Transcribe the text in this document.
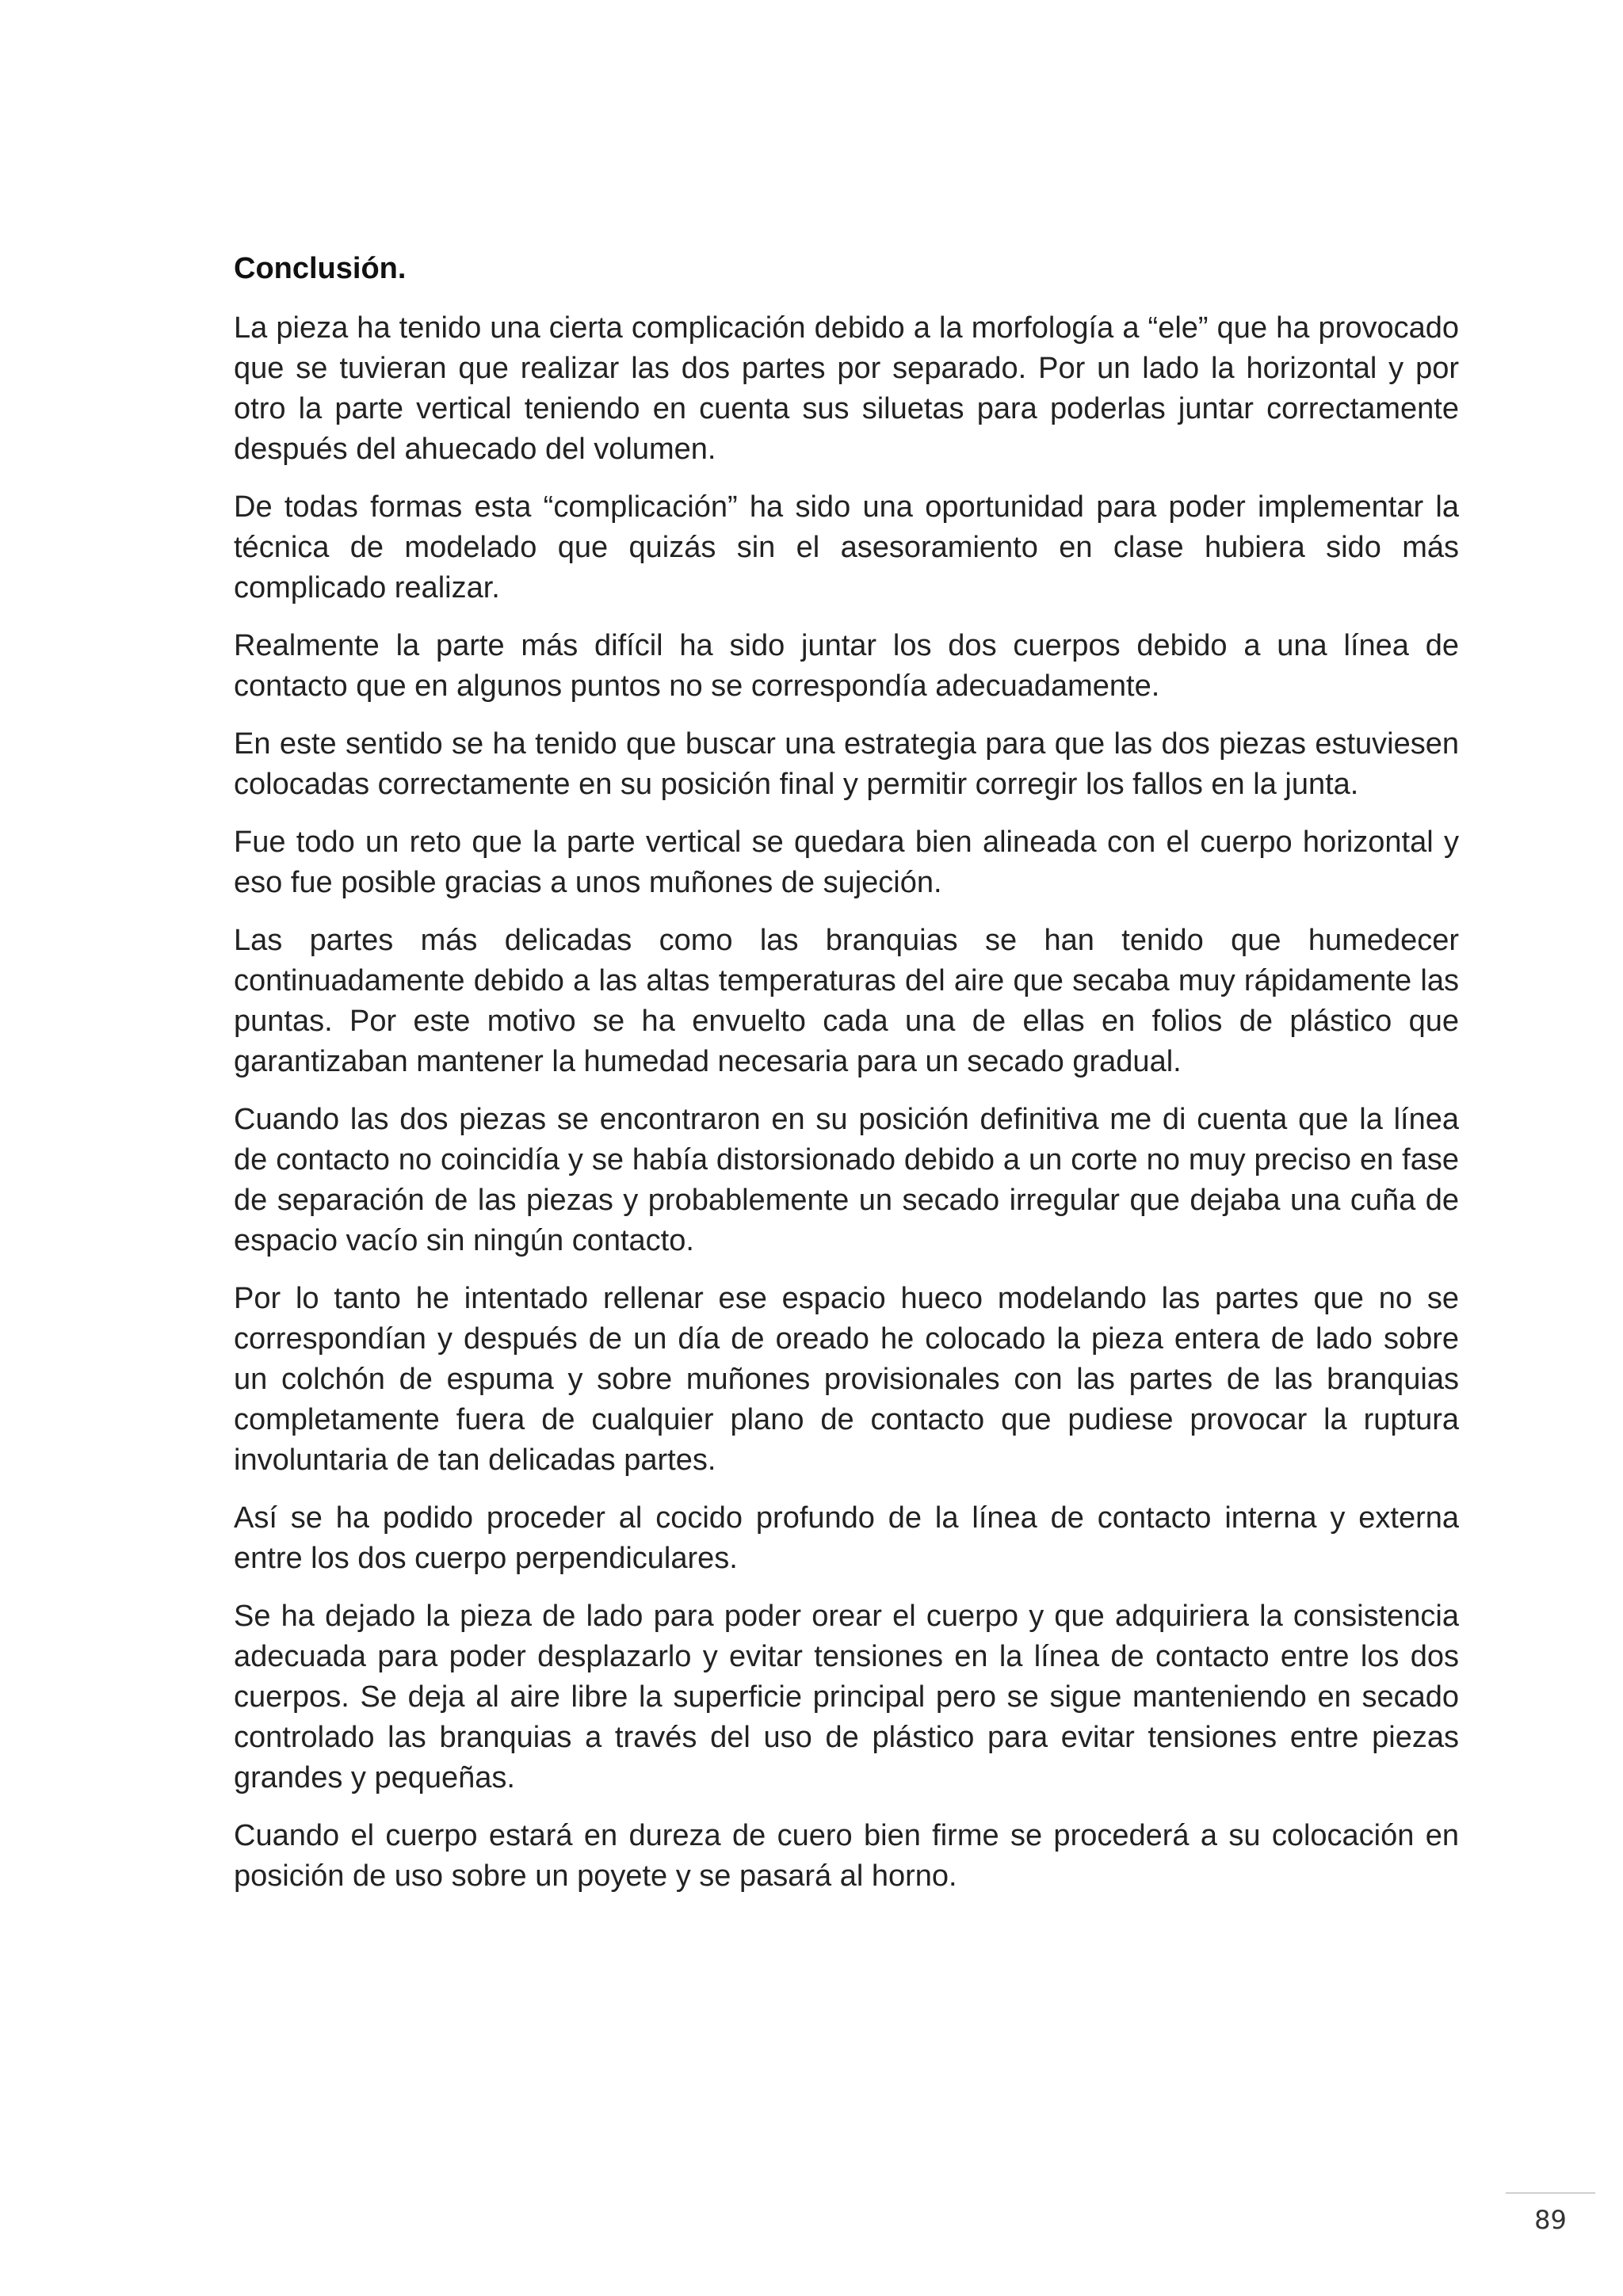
Conclusión.

La pieza ha tenido una cierta complicación debido a la morfología a “ele” que ha provocado que se tuvieran que realizar las dos partes por separado. Por un lado la horizontal y por otro la parte vertical teniendo en cuenta sus siluetas para poderlas juntar correctamente después del ahuecado del volumen.

De todas formas esta “complicación” ha sido una oportunidad para poder implementar la técnica de modelado que quizás sin el asesoramiento en clase hubiera sido más complicado realizar.

Realmente la parte más difícil ha sido juntar los dos cuerpos debido a una línea de contacto que en algunos puntos no se correspondía adecuadamente.

En este sentido se ha tenido que buscar una estrategia para que las dos piezas estuviesen colocadas correctamente en su posición final y permitir corregir los fallos en la junta.

Fue todo un reto que la parte vertical se quedara bien alineada con el cuerpo horizontal y eso fue posible gracias a unos muñones de sujeción.

Las partes más delicadas como las branquias se han tenido que humedecer continuadamente debido a las altas temperaturas del aire que secaba muy rápidamente las puntas. Por este motivo se ha envuelto cada una de ellas en folios de plástico que garantizaban mantener la humedad necesaria para un secado gradual.

Cuando las dos piezas se encontraron en su posición definitiva me di cuenta que la línea de contacto no coincidía y se había distorsionado debido a un corte no muy preciso en fase de separación de las piezas y probablemente un secado irregular que dejaba una cuña de espacio vacío sin ningún contacto.

Por lo tanto he intentado rellenar ese espacio hueco modelando las partes que no se correspondían y después de un día de oreado he colocado la pieza entera de lado sobre un colchón de espuma y sobre muñones provisionales con las partes de las branquias completamente fuera de cualquier plano de contacto que pudiese provocar la ruptura involuntaria de tan delicadas partes.

Así se ha podido proceder al cocido profundo de la línea de contacto interna y externa entre los dos cuerpo perpendiculares.

Se ha dejado la pieza de lado para poder orear el cuerpo y que adquiriera la consistencia adecuada para poder desplazarlo y evitar tensiones en la línea de contacto entre los dos cuerpos. Se deja al aire libre la superficie principal pero se sigue manteniendo en secado controlado las branquias a través del uso de plástico para evitar tensiones entre piezas grandes y pequeñas.

Cuando el cuerpo estará en dureza de cuero bien firme se procederá a su colocación en posición de uso sobre un poyete y se pasará al horno.

89
